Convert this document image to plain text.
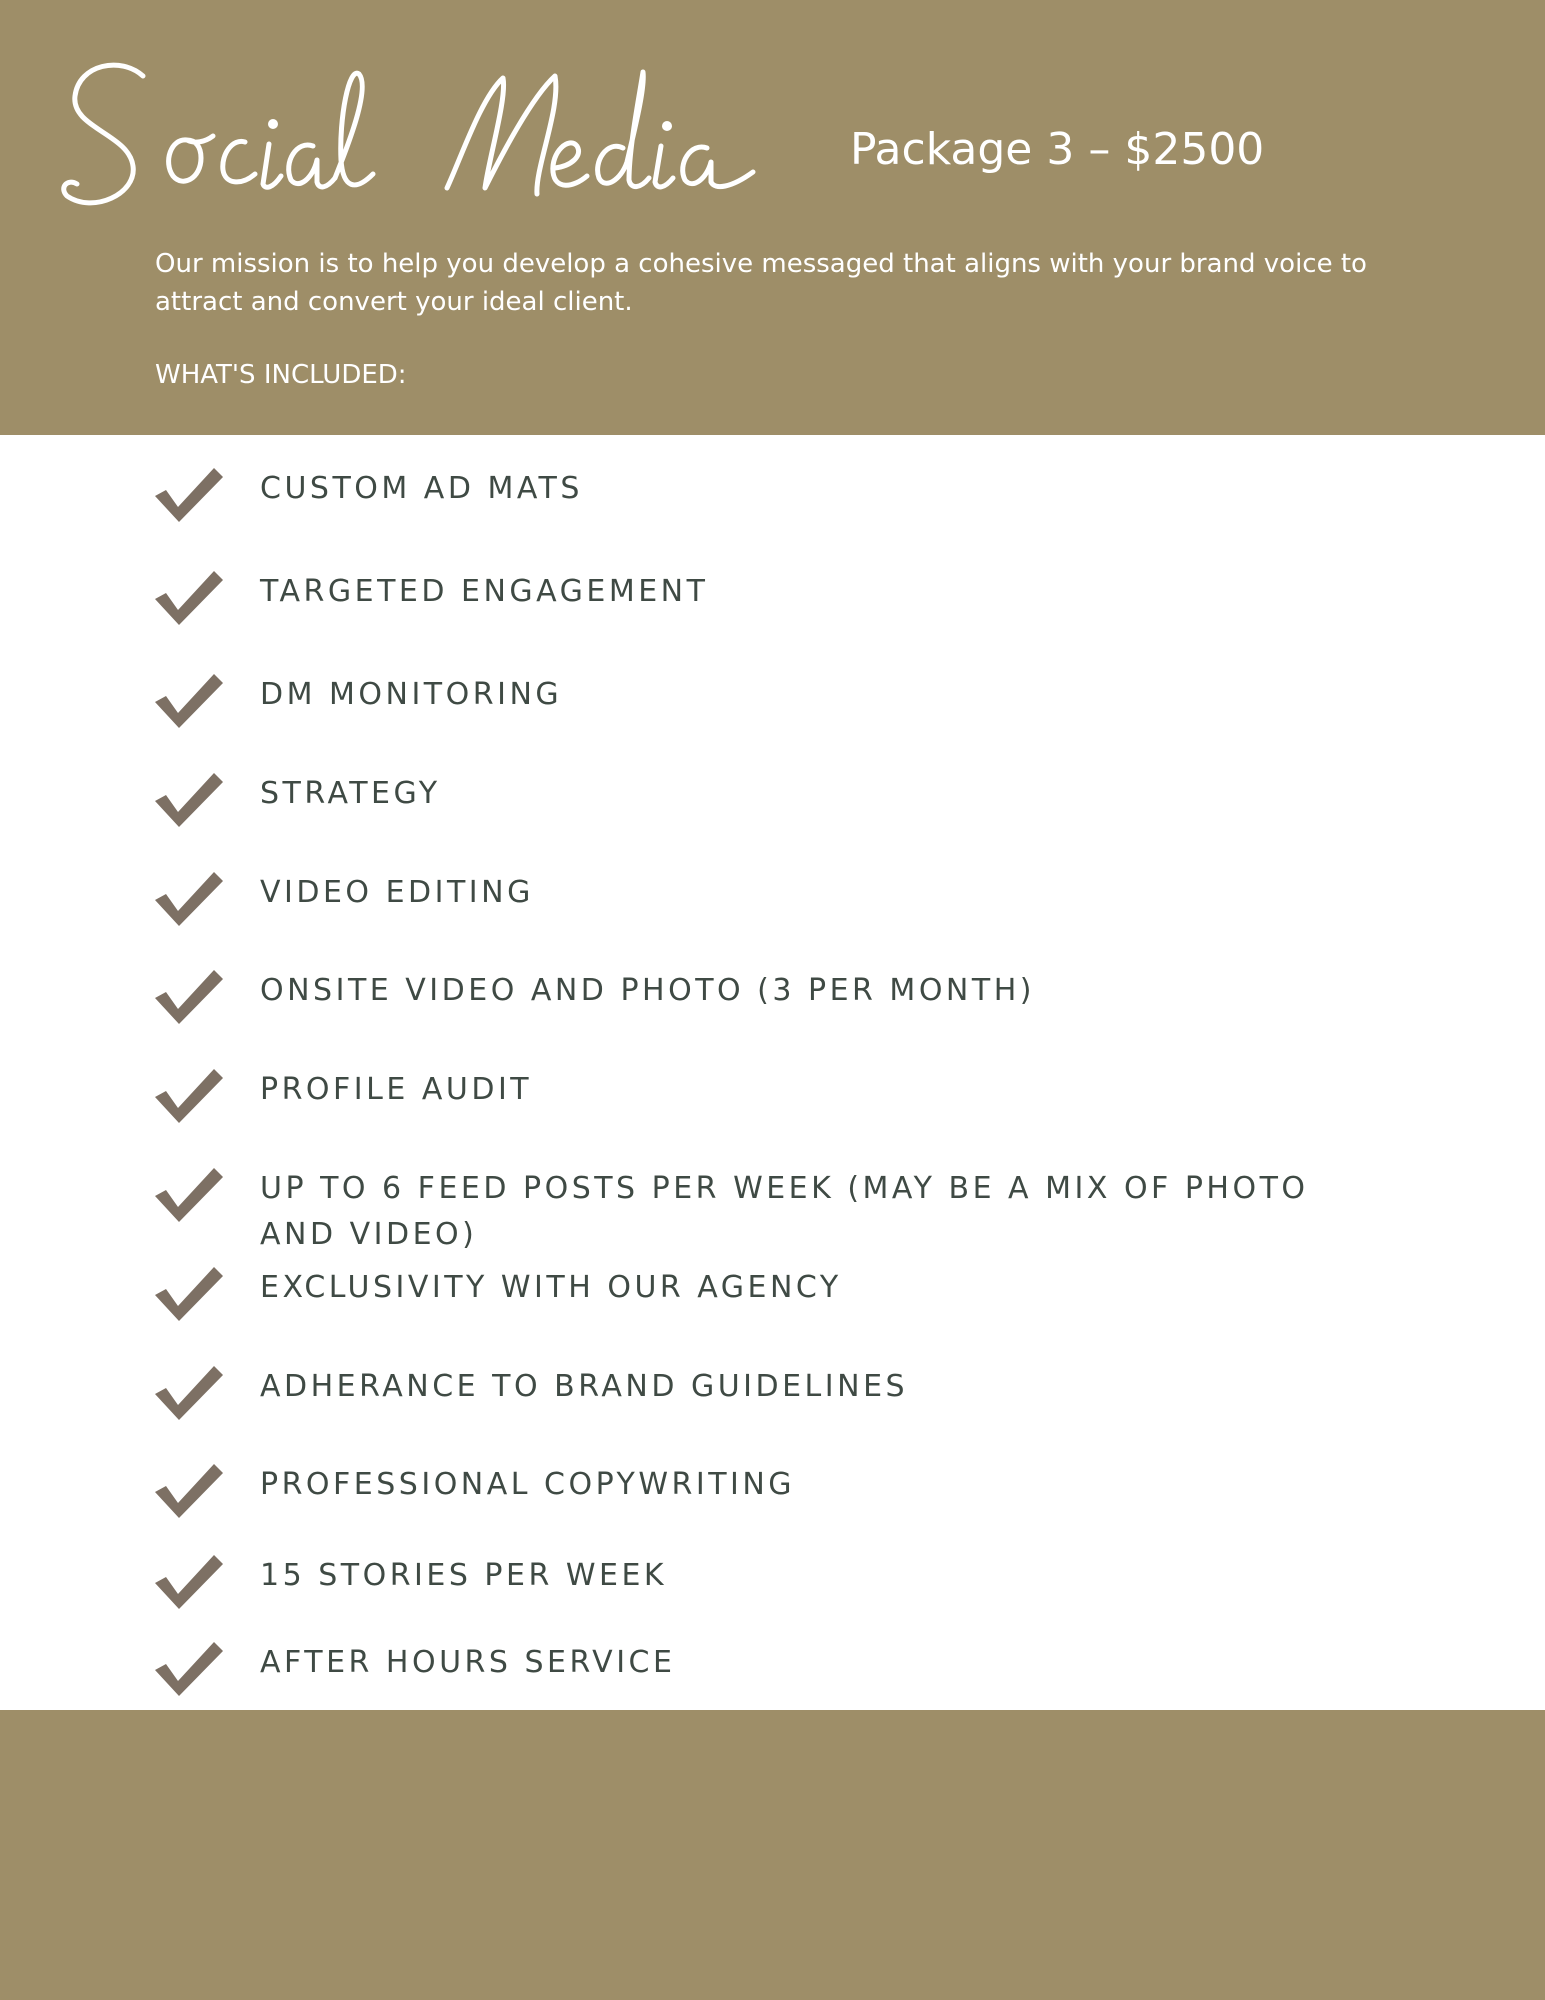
Package 3 – $2500

Our mission is to help you develop a cohesive messaged that aligns with your brand voice to attract and convert your ideal client.

WHAT'S INCLUDED:

CUSTOM AD MATS
TARGETED ENGAGEMENT
DM MONITORING
STRATEGY
VIDEO EDITING
ONSITE VIDEO AND PHOTO (3 PER MONTH)
PROFILE AUDIT
UP TO 6 FEED POSTS PER WEEK (MAY BE A MIX OF PHOTO AND VIDEO)
EXCLUSIVITY WITH OUR AGENCY
ADHERANCE TO BRAND GUIDELINES
PROFESSIONAL COPYWRITING
15 STORIES PER WEEK
AFTER HOURS SERVICE
